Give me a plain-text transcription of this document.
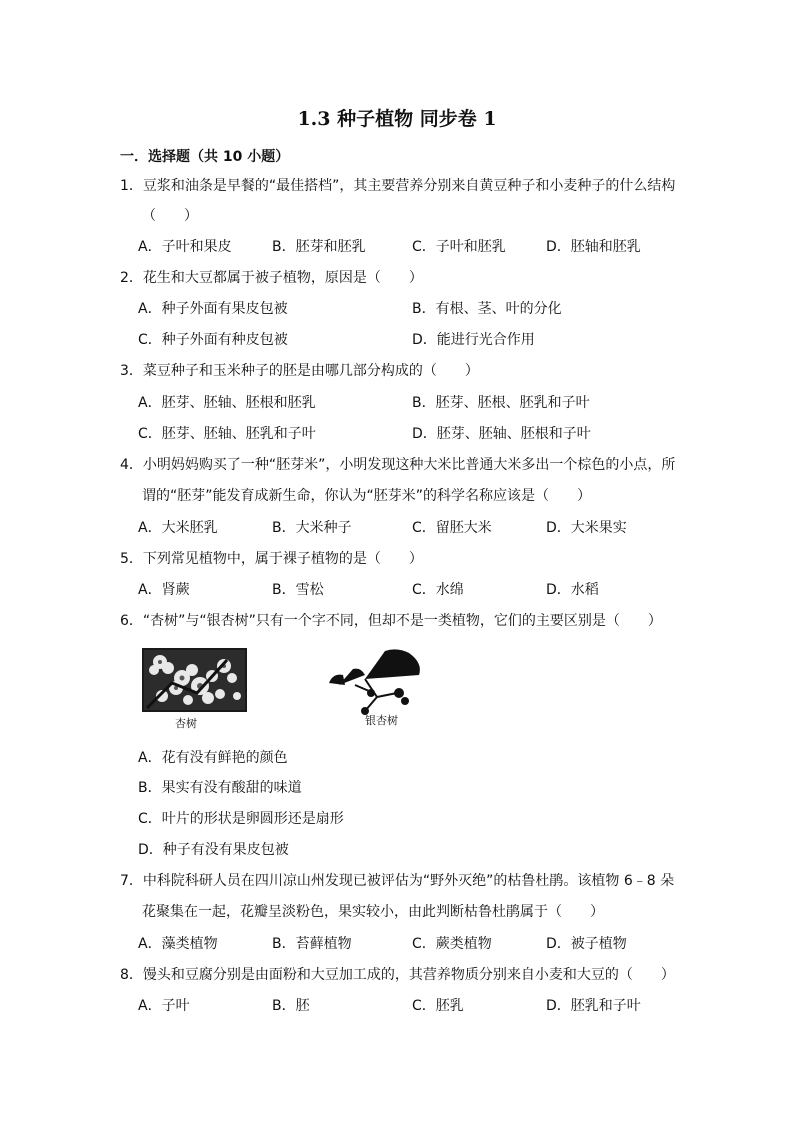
1.3 种子植物 同步卷 1
一．选择题（共 10 小题）
1．豆浆和油条是早餐的“最佳搭档”，其主要营养分别来自黄豆种子和小麦种子的什么结构
（　　）
A．子叶和果皮	B．胚芽和胚乳	C．子叶和胚乳	D．胚轴和胚乳
2．花生和大豆都属于被子植物，原因是（　　）
A．种子外面有果皮包被	B．有根、茎、叶的分化
C．种子外面有种皮包被	D．能进行光合作用
3．菜豆种子和玉米种子的胚是由哪几部分构成的（　　）
A．胚芽、胚轴、胚根和胚乳	B．胚芽、胚根、胚乳和子叶
C．胚芽、胚轴、胚乳和子叶	D．胚芽、胚轴、胚根和子叶
4．小明妈妈购买了一种“胚芽米”，小明发现这种大米比普通大米多出一个棕色的小点，所
谓的“胚芽”能发育成新生命，你认为“胚芽米”的科学名称应该是（　　）
A．大米胚乳	B．大米种子	C．留胚大米	D．大米果实
5．下列常见植物中，属于裸子植物的是（　　）
A．肾蕨	B．雪松	C．水绵	D．水稻
6．“杏树”与“银杏树”只有一个字不同，但却不是一类植物，它们的主要区别是（　　）
杏树	银杏树
A．花有没有鲜艳的颜色
B．果实有没有酸甜的味道
C．叶片的形状是卵圆形还是扇形
D．种子有没有果皮包被
7．中科院科研人员在四川凉山州发现已被评估为“野外灭绝”的枯鲁杜鹃。该植物 6﹣8 朵
花聚集在一起，花瓣呈淡粉色，果实较小，由此判断枯鲁杜鹃属于（　　）
A．藻类植物	B．苔藓植物	C．蕨类植物	D．被子植物
8．馒头和豆腐分别是由面粉和大豆加工成的，其营养物质分别来自小麦和大豆的（　　）
A．子叶	B．胚	C．胚乳	D．胚乳和子叶
